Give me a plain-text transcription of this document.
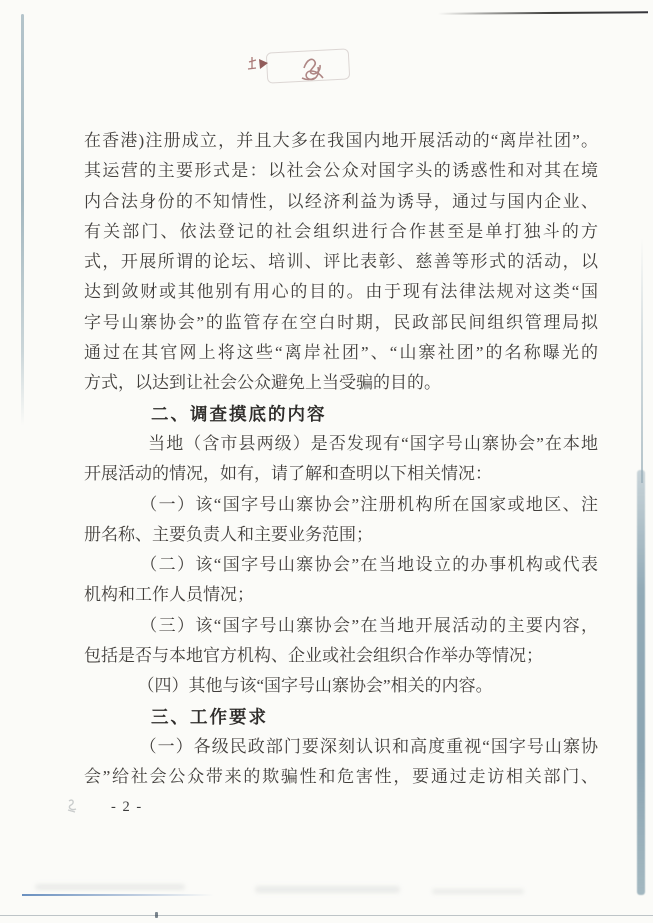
在香港)注册成立，并且大多在我国内地开展活动的“离岸社团”。
其运营的主要形式是：以社会公众对国字头的诱惑性和对其在境
内合法身份的不知情性，以经济利益为诱导，通过与国内企业、
有关部门、依法登记的社会组织进行合作甚至是单打独斗的方
式，开展所谓的论坛、培训、评比表彰、慈善等形式的活动，以
达到敛财或其他别有用心的目的。由于现有法律法规对这类“国
字号山寨协会”的监管存在空白时期，民政部民间组织管理局拟
通过在其官网上将这些“离岸社团”、“山寨社团”的名称曝光的
方式，以达到让社会公众避免上当受骗的目的。
　　二、调查摸底的内容
　　当地（含市县两级）是否发现有“国字号山寨协会”在本地
开展活动的情况，如有，请了解和查明以下相关情况：
　　（一）该“国字号山寨协会”注册机构所在国家或地区、注
册名称、主要负责人和主要业务范围；
　　（二）该“国字号山寨协会”在当地设立的办事机构或代表
机构和工作人员情况；
　　（三）该“国字号山寨协会”在当地开展活动的主要内容，
包括是否与本地官方机构、企业或社会组织合作举办等情况；
　　（四）其他与该“国字号山寨协会”相关的内容。
　　三、工作要求
　　（一）各级民政部门要深刻认识和高度重视“国字号山寨协
会”给社会公众带来的欺骗性和危害性，要通过走访相关部门、
- 2 -
